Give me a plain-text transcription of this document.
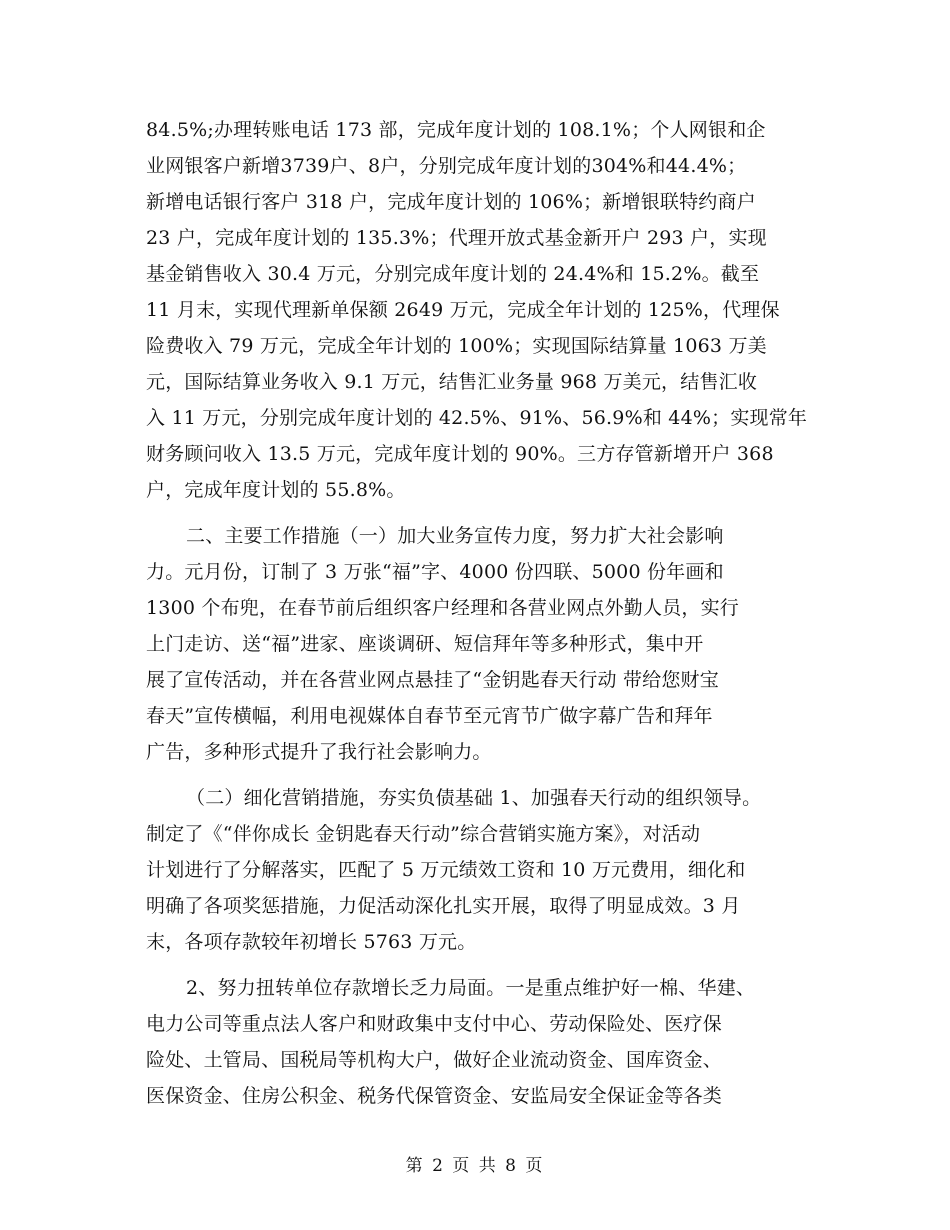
84.5%;办理转账电话 173 部，完成年度计划的 108.1%；个人网银和企
业网银客户新增3739户、8户，分别完成年度计划的304%和44.4%；
新增电话银行客户 318 户，完成年度计划的 106%；新增银联特约商户
23 户，完成年度计划的 135.3%；代理开放式基金新开户 293 户，实现
基金销售收入 30.4 万元，分别完成年度计划的 24.4%和 15.2%。截至
11 月末，实现代理新单保额 2649 万元，完成全年计划的 125%，代理保
险费收入 79 万元，完成全年计划的 100%；实现国际结算量 1063 万美
元，国际结算业务收入 9.1 万元，结售汇业务量 968 万美元，结售汇收
入 11 万元，分别完成年度计划的 42.5%、91%、56.9%和 44%；实现常年
财务顾问收入 13.5 万元，完成年度计划的 90%。三方存管新增开户 368
户，完成年度计划的 55.8%。
二、主要工作措施（一）加大业务宣传力度，努力扩大社会影响
力。元月份，订制了 3 万张“福”字、4000 份四联、5000 份年画和
1300 个布兜，在春节前后组织客户经理和各营业网点外勤人员，实行
上门走访、送“福”进家、座谈调研、短信拜年等多种形式，集中开
展了宣传活动，并在各营业网点悬挂了“金钥匙春天行动 带给您财宝
春天”宣传横幅，利用电视媒体自春节至元宵节广做字幕广告和拜年
广告，多种形式提升了我行社会影响力。
（二）细化营销措施，夯实负债基础 1、加强春天行动的组织领导。
制定了《“伴你成长 金钥匙春天行动”综合营销实施方案》，对活动
计划进行了分解落实，匹配了 5 万元绩效工资和 10 万元费用，细化和
明确了各项奖惩措施，力促活动深化扎实开展，取得了明显成效。3 月
末，各项存款较年初增长 5763 万元。
2、努力扭转单位存款增长乏力局面。一是重点维护好一棉、华建、
电力公司等重点法人客户和财政集中支付中心、劳动保险处、医疗保
险处、土管局、国税局等机构大户，做好企业流动资金、国库资金、
医保资金、住房公积金、税务代保管资金、安监局安全保证金等各类
第 2 页 共 8 页
